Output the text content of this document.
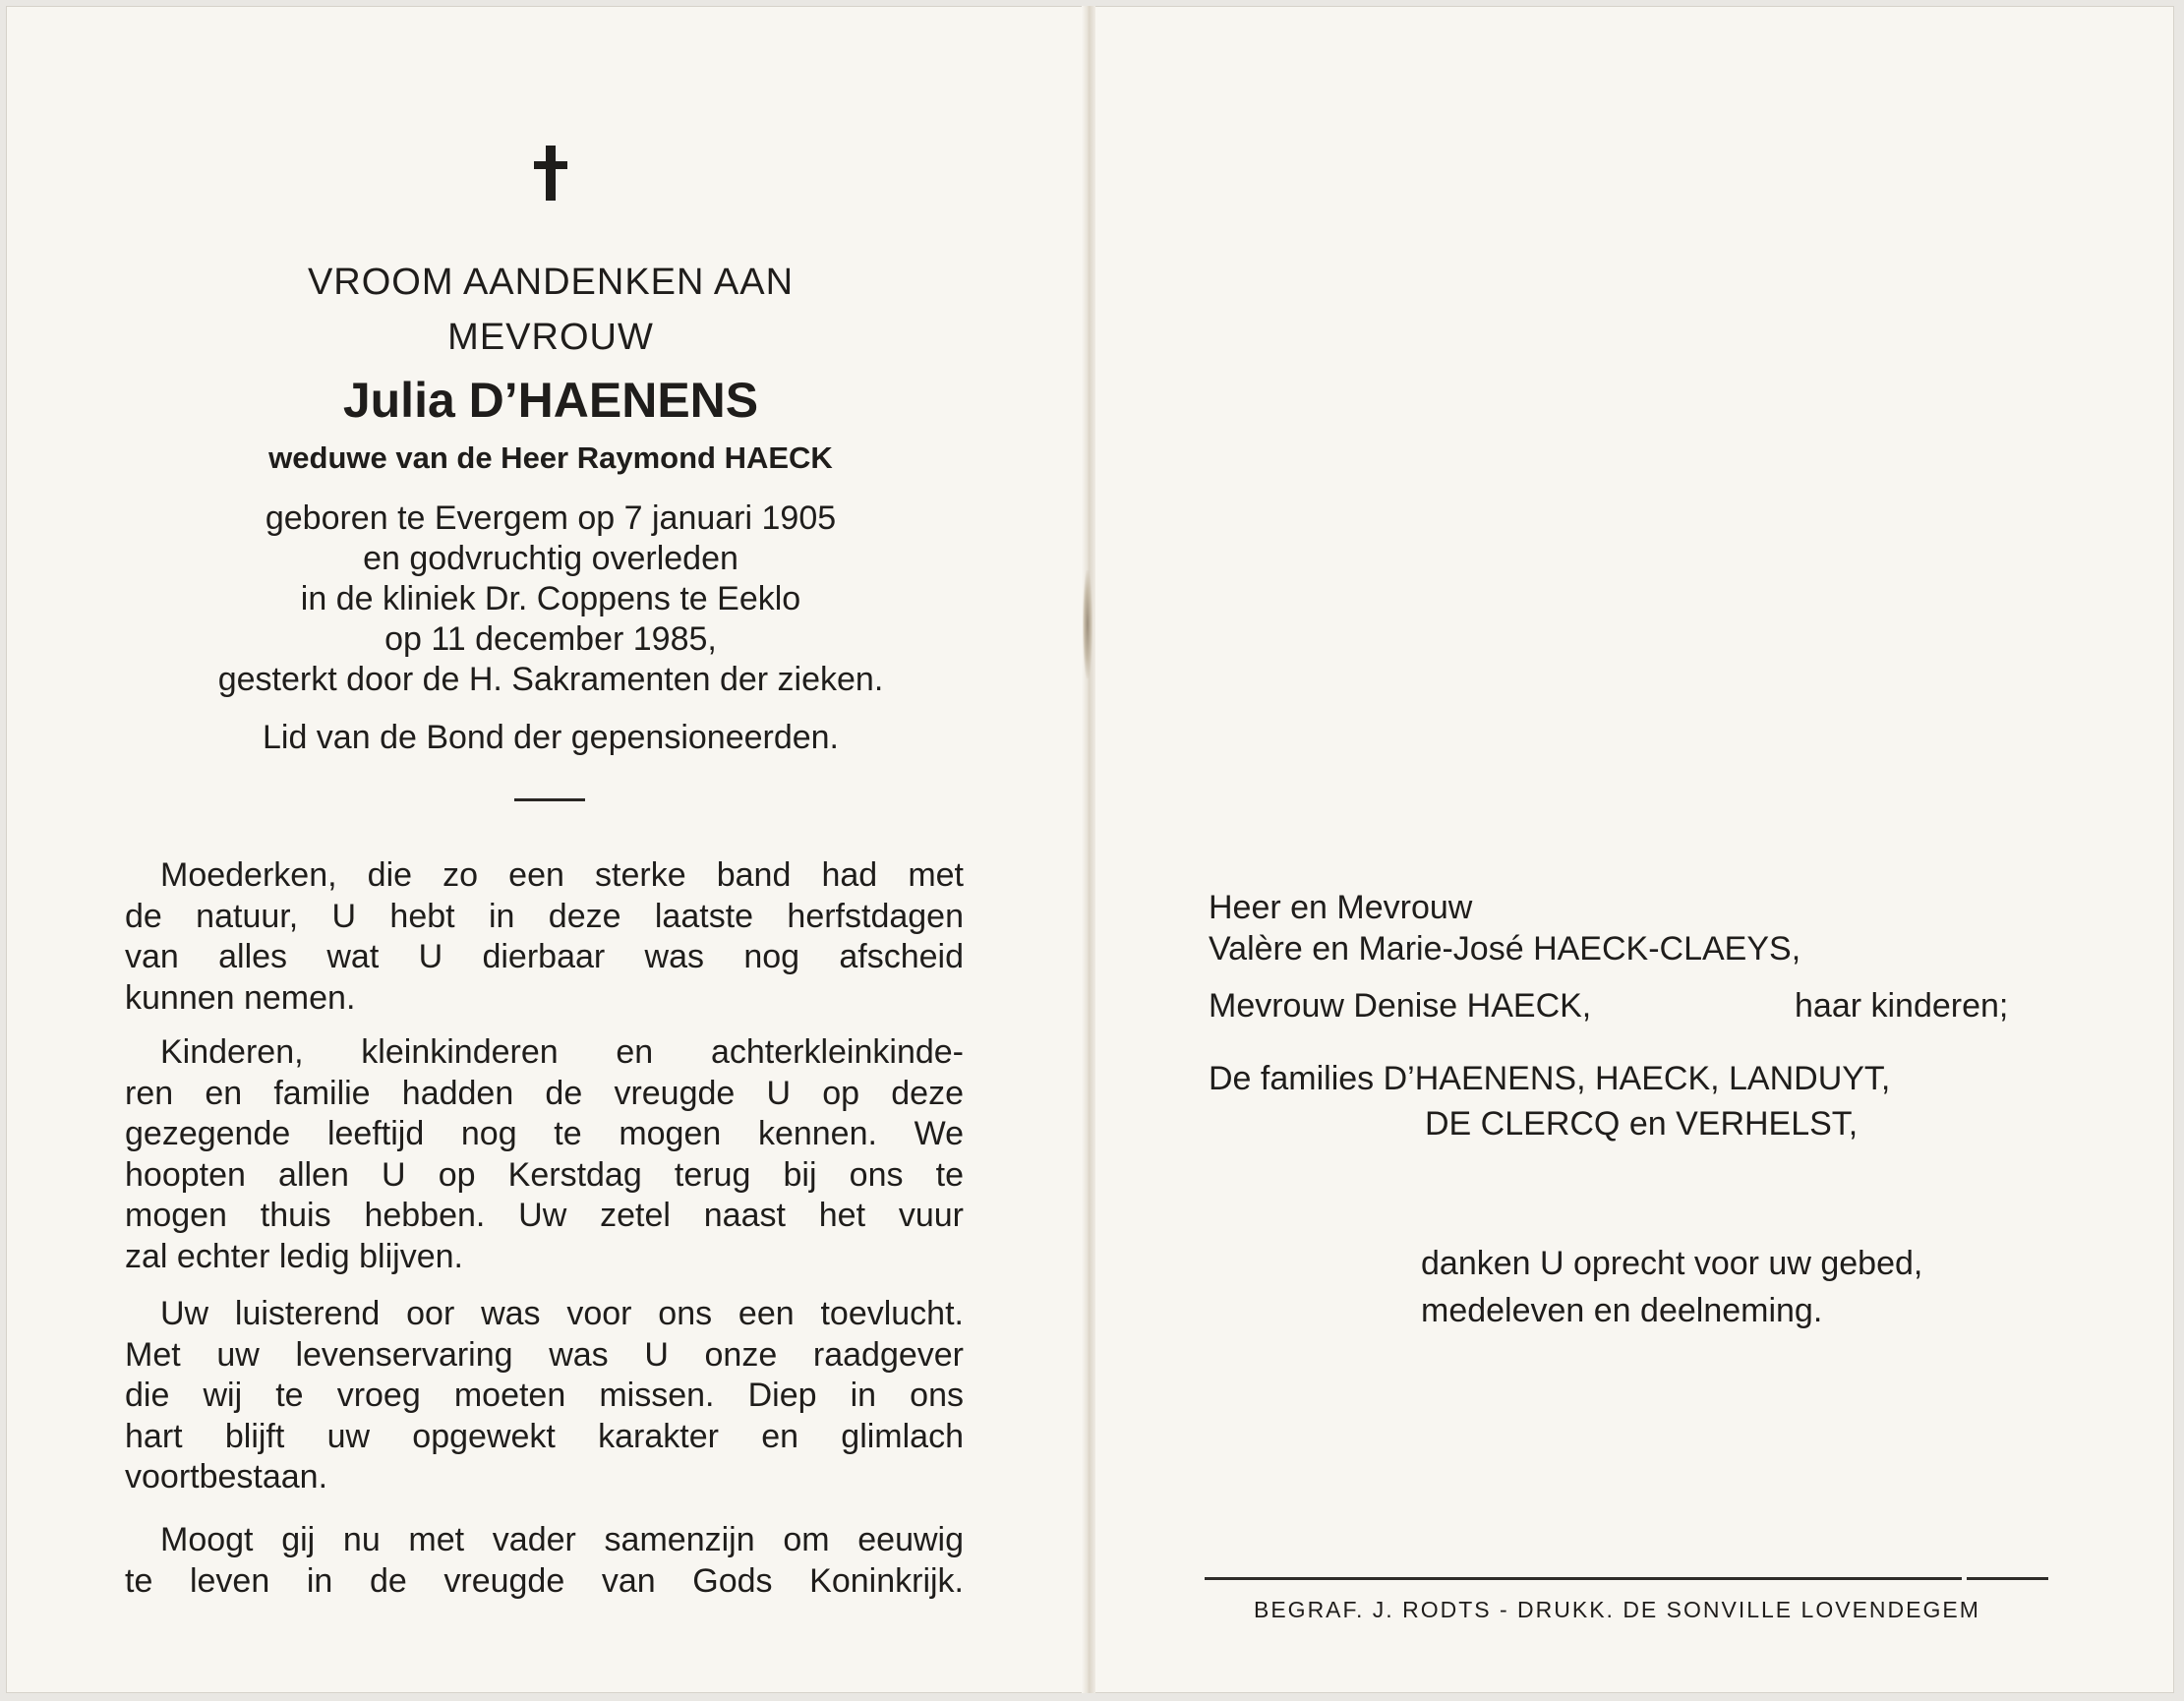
VROOM AANDENKEN AAN
MEVROUW
Julia D’HAENENS
weduwe van de Heer Raymond HAECK
geboren te Evergem op 7 januari 1905
en godvruchtig overleden
in de kliniek Dr. Coppens te Eeklo
op 11 december 1985,
gesterkt door de H. Sakramenten der zieken.
Lid van de Bond der gepensioneerden.
Moederken, die zo een sterke band had met
de natuur, U hebt in deze laatste herfstdagen
van alles wat U dierbaar was nog afscheid
kunnen nemen.
Kinderen, kleinkinderen en achterkleinkinde-
ren en familie hadden de vreugde U op deze
gezegende leeftijd nog te mogen kennen. We
hoopten allen U op Kerstdag terug bij ons te
mogen thuis hebben. Uw zetel naast het vuur
zal echter ledig blijven.
Uw luisterend oor was voor ons een toevlucht.
Met uw levenservaring was U onze raadgever
die wij te vroeg moeten missen. Diep in ons
hart blijft uw opgewekt karakter en glimlach
voortbestaan.
Moogt gij nu met vader samenzijn om eeuwig
te leven in de vreugde van Gods Koninkrijk.
Heer en Mevrouw
Valère en Marie-José HAECK-CLAEYS,
Mevrouw Denise HAECK,	haar kinderen;
De families D’HAENENS, HAECK, LANDUYT,
DE CLERCQ en VERHELST,
danken U oprecht voor uw gebed,
medeleven en deelneming.
BEGRAF. J. RODTS - DRUKK. DE SONVILLE LOVENDEGEM
